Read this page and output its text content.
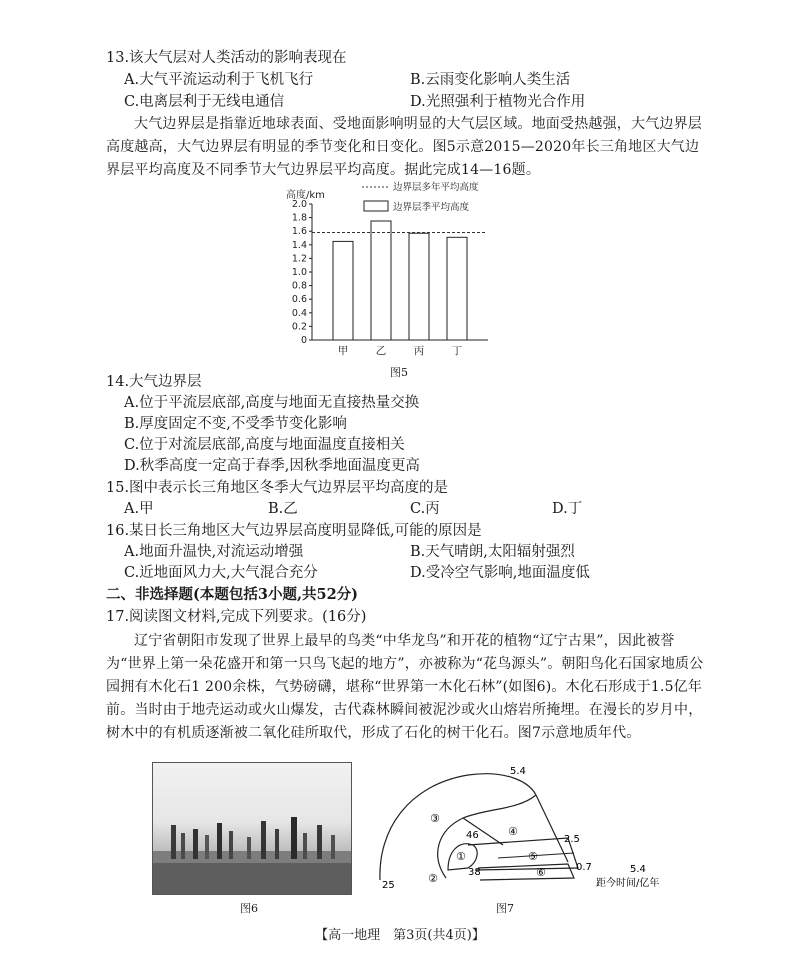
13.该大气层对人类活动的影响表现在
A.大气平流运动利于飞机飞行	B.云雨变化影响人类生活
C.电离层利于无线电通信	D.光照强利于植物光合作用
大气边界层是指靠近地球表面、受地面影响明显的大气层区域。地面受热越强，大气边界层高度越高，大气边界层有明显的季节变化和日变化。图5示意2015—2020年长三角地区大气边界层平均高度及不同季节大气边界层平均高度。据此完成14—16题。
0
0.2
0.4
0.6
0.8
1.0
1.2
1.4
1.6
1.8
2.0
高度/km
边界层多年平均高度
边界层季平均高度
甲	乙	丙	丁
图5
14.大气边界层
A.位于平流层底部,高度与地面无直接热量交换
B.厚度固定不变,不受季节变化影响
C.位于对流层底部,高度与地面温度直接相关
D.秋季高度一定高于春季,因秋季地面温度更高
15.图中表示长三角地区冬季大气边界层平均高度的是
A.甲	B.乙	C.丙	D.丁
16.某日长三角地区大气边界层高度明显降低,可能的原因是
A.地面升温快,对流运动增强	B.天气晴朗,太阳辐射强烈
C.近地面风力大,大气混合充分	D.受冷空气影响,地面温度低
二、非选择题(本题包括3小题,共52分)
17.阅读图文材料,完成下列要求。(16分)
辽宁省朝阳市发现了世界上最早的鸟类“中华龙鸟”和开花的植物“辽宁古果”，因此被誉为“世界上第一朵花盛开和第一只鸟飞起的地方”，亦被称为“花鸟源头”。朝阳鸟化石国家地质公园拥有木化石1 200余株，气势磅礴，堪称“世界第一木化石林”(如图6)。木化石形成于1.5亿年前。当时由于地壳运动或火山爆发，古代森林瞬间被泥沙或火山熔岩所掩埋。在漫长的岁月中，树木中的有机质逐渐被二氧化硅所取代，形成了石化的树干化石。图7示意地质年代。
图6
①
②
③
④
⑤
⑥
5.4
2.5
0.7
46
38
25
5.4
距今时间/亿年
图7
【高一地理　第3页(共4页)】
